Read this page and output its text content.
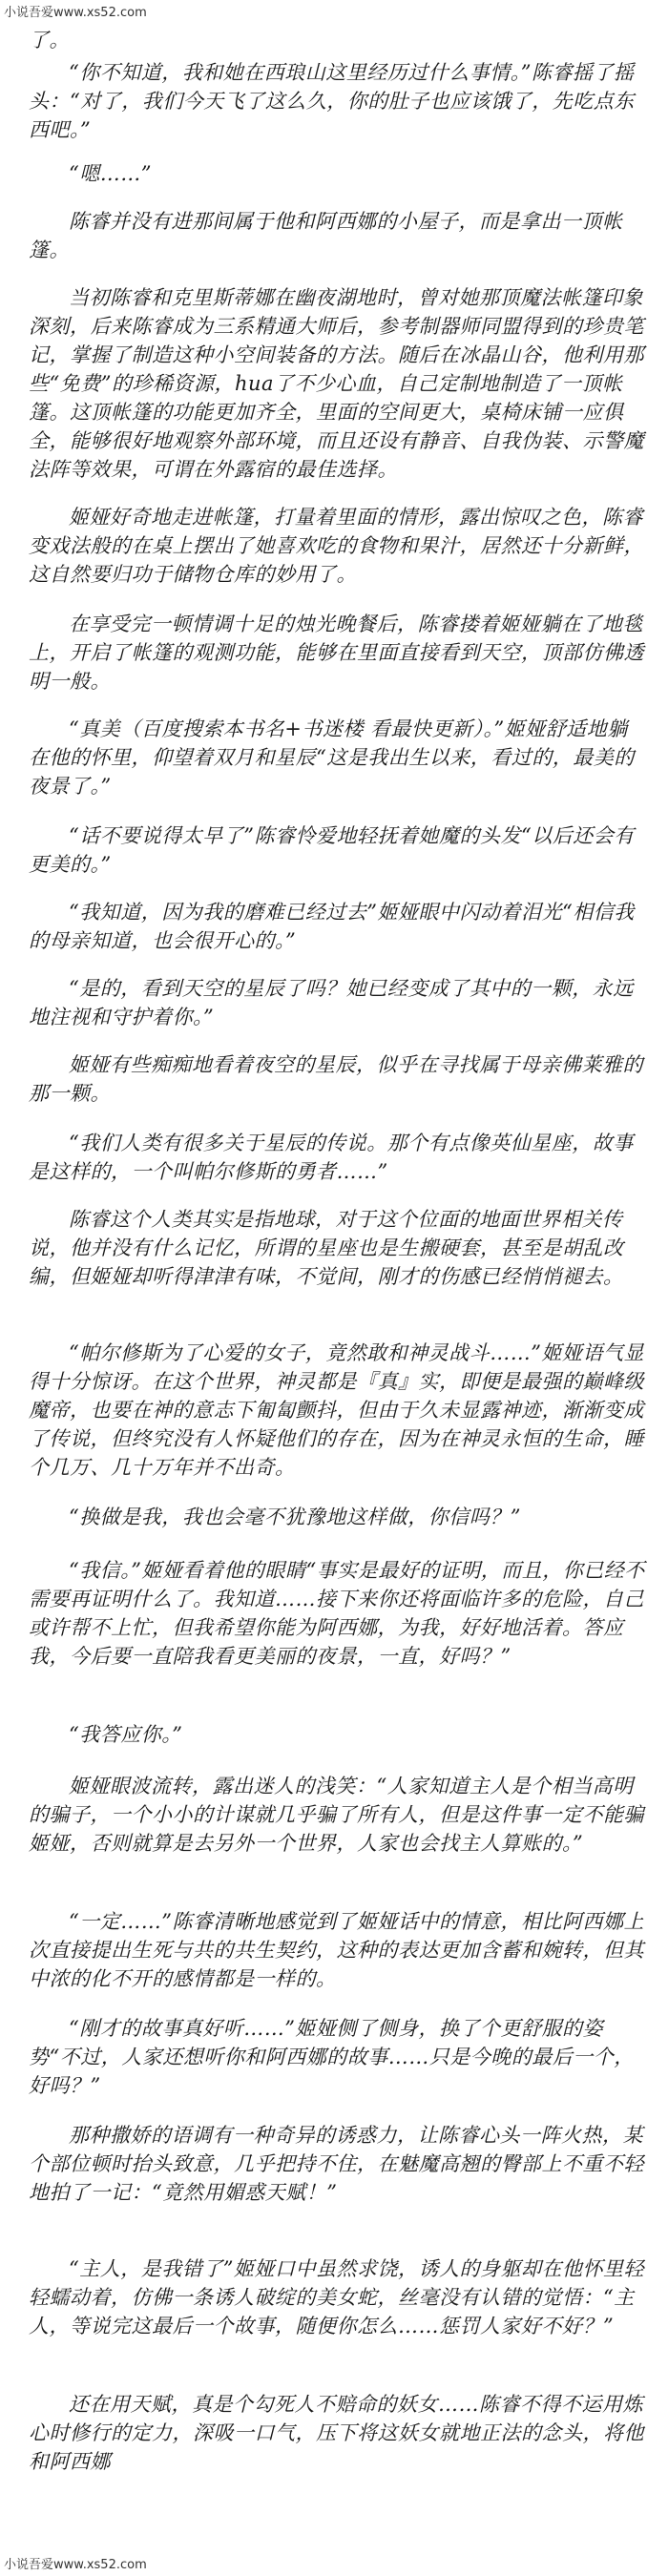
小说吾爱www.xs52.com

了。

“你不知道，我和她在西琅山这里经历过什么事情。”陈睿摇了摇头：“对了，我们今天飞了这么久，你的肚子也应该饿了，先吃点东西吧。”

“嗯……”

陈睿并没有进那间属于他和阿西娜的小屋子，而是拿出一顶帐篷。

当初陈睿和克里斯蒂娜在幽夜湖地时，曾对她那顶魔法帐篷印象深刻，后来陈睿成为三系精通大师后，参考制器师同盟得到的珍贵笔记，掌握了制造这种小空间装备的方法。随后在冰晶山谷，他利用那些“免费”的珍稀资源，hua了不少心血，自己定制地制造了一顶帐篷。这顶帐篷的功能更加齐全，里面的空间更大，桌椅床铺一应俱全，能够很好地观察外部环境，而且还设有静音、自我伪装、示警魔法阵等效果，可谓在外露宿的最佳选择。

姬娅好奇地走进帐篷，打量着里面的情形，露出惊叹之色，陈睿变戏法般的在桌上摆出了她喜欢吃的食物和果汁，居然还十分新鲜，这自然要归功于储物仓库的妙用了。

在享受完一顿情调十足的烛光晚餐后，陈睿搂着姬娅躺在了地毯上，开启了帐篷的观测功能，能够在里面直接看到天空，顶部仿佛透明一般。

“真美（百度搜索本书名+书迷楼 看最快更新）。”姬娅舒适地躺在他的怀里，仰望着双月和星辰“这是我出生以来，看过的，最美的夜景了。”

“话不要说得太早了”陈睿怜爱地轻抚着她魔的头发“以后还会有更美的。”

“我知道，因为我的磨难已经过去”姬娅眼中闪动着泪光“相信我的母亲知道，也会很开心的。”

“是的，看到天空的星辰了吗？她已经变成了其中的一颗，永远地注视和守护着你。”

姬娅有些痴痴地看着夜空的星辰，似乎在寻找属于母亲佛莱雅的那一颗。

“我们人类有很多关于星辰的传说。那个有点像英仙星座，故事是这样的，一个叫帕尔修斯的勇者……”

陈睿这个人类其实是指地球，对于这个位面的地面世界相关传说，他并没有什么记忆，所谓的星座也是生搬硬套，甚至是胡乱改编，但姬娅却听得津津有味，不觉间，刚才的伤感已经悄悄褪去。

“帕尔修斯为了心爱的女子，竟然敢和神灵战斗……”姬娅语气显得十分惊讶。在这个世界，神灵都是『真』实，即便是最强的巅峰级魔帝，也要在神的意志下匍匐颤抖，但由于久未显露神迹，渐渐变成了传说，但终究没有人怀疑他们的存在，因为在神灵永恒的生命，睡个几万、几十万年并不出奇。

“换做是我，我也会毫不犹豫地这样做，你信吗？”

“我信。”姬娅看着他的眼睛“事实是最好的证明，而且，你已经不需要再证明什么了。我知道……接下来你还将面临许多的危险，自己或许帮不上忙，但我希望你能为阿西娜，为我，好好地活着。答应我，今后要一直陪我看更美丽的夜景，一直，好吗？”

“我答应你。”

姬娅眼波流转，露出迷人的浅笑：“人家知道主人是个相当高明的骗子，一个小小的计谋就几乎骗了所有人，但是这件事一定不能骗姬娅，否则就算是去另外一个世界，人家也会找主人算账的。”

“一定……”陈睿清晰地感觉到了姬娅话中的情意，相比阿西娜上次直接提出生死与共的共生契约，这种的表达更加含蓄和婉转，但其中浓的化不开的感情都是一样的。

“刚才的故事真好听……”姬娅侧了侧身，换了个更舒服的姿势“不过，人家还想听你和阿西娜的故事……只是今晚的最后一个，好吗？”

那种撒娇的语调有一种奇异的诱惑力，让陈睿心头一阵火热，某个部位顿时抬头致意，几乎把持不住，在魅魔高翘的臀部上不重不轻地拍了一记：“竟然用媚惑天赋！”

“主人，是我错了”姬娅口中虽然求饶，诱人的身躯却在他怀里轻轻蠕动着，仿佛一条诱人破绽的美女蛇，丝毫没有认错的觉悟：“主人，等说完这最后一个故事，随便你怎么……惩罚人家好不好？”

还在用天赋，真是个勾死人不赔命的妖女……陈睿不得不运用炼心时修行的定力，深吸一口气，压下将这妖女就地正法的念头，将他和阿西娜

小说吾爱www.xs52.com
